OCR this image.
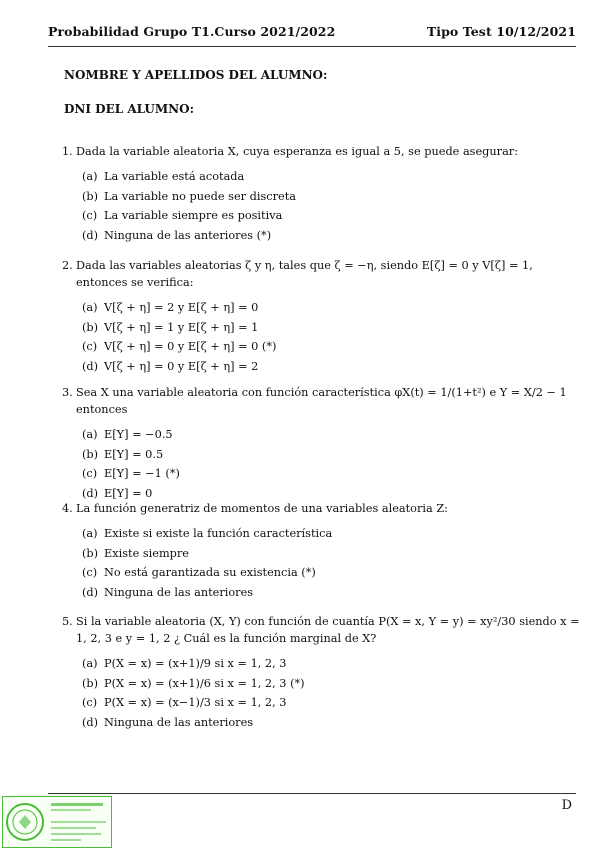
Probabilidad Grupo T1.Curso 2021/2022	Tipo Test 10/12/2021
NOMBRE Y APELLIDOS DEL ALUMNO:
DNI DEL ALUMNO:
1. Dada la variable aleatoria X, cuya esperanza es igual a 5, se puede asegurar:
(a) La variable está acotada
(b) La variable no puede ser discreta
(c) La variable siempre es positiva
(d) Ninguna de las anteriores (*)
2. Dada las variables aleatorias ζ y η, tales que ζ = −η, siendo E[ζ] = 0 y V[ζ] = 1, entonces se verifica:
(a) V[ζ + η] = 2 y E[ζ + η] = 0
(b) V[ζ + η] = 1 y E[ζ + η] = 1
(c) V[ζ + η] = 0 y E[ζ + η] = 0 (*)
(d) V[ζ + η] = 0 y E[ζ + η] = 2
3. Sea X una variable aleatoria con función característica φX(t) = 1/(1+t²) e Y = X/2 − 1 entonces
(a) E[Y] = −0.5
(b) E[Y] = 0.5
(c) E[Y] = −1 (*)
(d) E[Y] = 0
4. La función generatriz de momentos de una variables aleatoria Z:
(a) Existe si existe la función característica
(b) Existe siempre
(c) No está garantizada su existencia (*)
(d) Ninguna de las anteriores
5. Si la variable aleatoria (X, Y) con función de cuantía P(X = x, Y = y) = xy²/30 siendo x = 1, 2, 3 e y = 1, 2 ¿ Cuál es la función marginal de X?
(a) P(X = x) = (x+1)/9 si x = 1, 2, 3
(b) P(X = x) = (x+1)/6 si x = 1, 2, 3 (*)
(c) P(X = x) = (x−1)/3 si x = 1, 2, 3
(d) Ninguna de las anteriores
D
